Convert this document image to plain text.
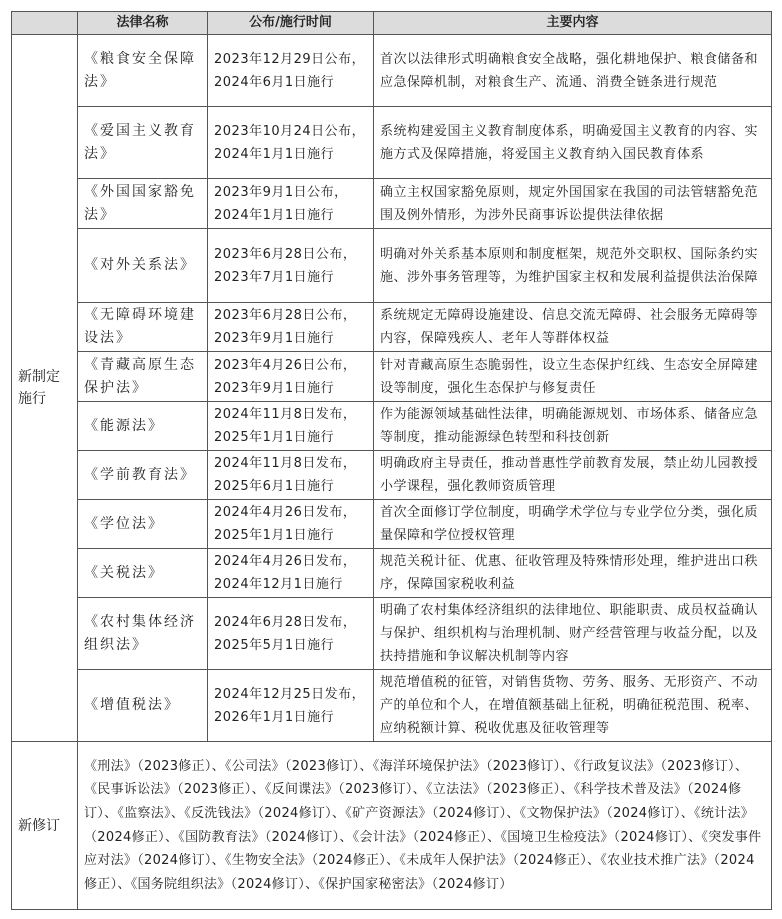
	法律名称	公布/施行时间	主要内容
新制定施行	《粮食安全保障法》	2023年12月29日公布，2024年6月1日施行	首次以法律形式明确粮食安全战略，强化耕地保护、粮食储备和应急保障机制，对粮食生产、流通、消费全链条进行规范
	《爱国主义教育法》	2023年10月24日公布，2024年1月1日施行	系统构建爱国主义教育制度体系，明确爱国主义教育的内容、实施方式及保障措施，将爱国主义教育纳入国民教育体系
	《外国国家豁免法》	2023年9月1日公布，2024年1月1日施行	确立主权国家豁免原则，规定外国国家在我国的司法管辖豁免范围及例外情形，为涉外民商事诉讼提供法律依据
	《对外关系法》	2023年6月28日公布，2023年7月1日施行	明确对外关系基本原则和制度框架，规范外交职权、国际条约实施、涉外事务管理等，为维护国家主权和发展利益提供法治保障
	《无障碍环境建设法》	2023年6月28日公布，2023年9月1日施行	系统规定无障碍设施建设、信息交流无障碍、社会服务无障碍等内容，保障残疾人、老年人等群体权益
	《青藏高原生态保护法》	2023年4月26日公布，2023年9月1日施行	针对青藏高原生态脆弱性，设立生态保护红线、生态安全屏障建设等制度，强化生态保护与修复责任
	《能源法》	2024年11月8日发布，2025年1月1日施行	作为能源领域基础性法律，明确能源规划、市场体系、储备应急等制度，推动能源绿色转型和科技创新
	《学前教育法》	2024年11月8日发布，2025年6月1日施行	明确政府主导责任，推动普惠性学前教育发展，禁止幼儿园教授小学课程，强化教师资质管理
	《学位法》	2024年4月26日发布，2025年1月1日施行	首次全面修订学位制度，明确学术学位与专业学位分类，强化质量保障和学位授权管理
	《关税法》	2024年4月26日发布，2024年12月1日施行	规范关税计征、优惠、征收管理及特殊情形处理，维护进出口秩序，保障国家税收利益
	《农村集体经济组织法》	2024年6月28日发布，2025年5月1日施行	明确了农村集体经济组织的法律地位、职能职责、成员权益确认与保护、组织机构与治理机制、财产经营管理与收益分配，以及扶持措施和争议解决机制等内容
	《增值税法》	2024年12月25日发布，2026年1月1日施行	规范增值税的征管，对销售货物、劳务、服务、无形资产、不动产的单位和个人，在增值额基础上征税，明确征税范围、税率、应纳税额计算、税收优惠及征收管理等
新修订	《刑法》（2023修正）、《公司法》（2023修订）、《海洋环境保护法》（2023修订）、《行政复议法》（2023修订）、《民事诉讼法》（2023修正）、《反间谍法》（2023修订）、《立法法》（2023修正）、《科学技术普及法》（2024修订）、《监察法》、《反洗钱法》（2024修订）、《矿产资源法》（2024修订）、《文物保护法》（2024修订）、《统计法》（2024修正）、《国防教育法》（2024修订）、《会计法》（2024修正）、《国境卫生检疫法》（2024修订）、《突发事件应对法》（2024修订）、《生物安全法》（2024修正）、《未成年人保护法》（2024修正）、《农业技术推广法》（2024修正）、《国务院组织法》（2024修订）、《保护国家秘密法》（2024修订）		
